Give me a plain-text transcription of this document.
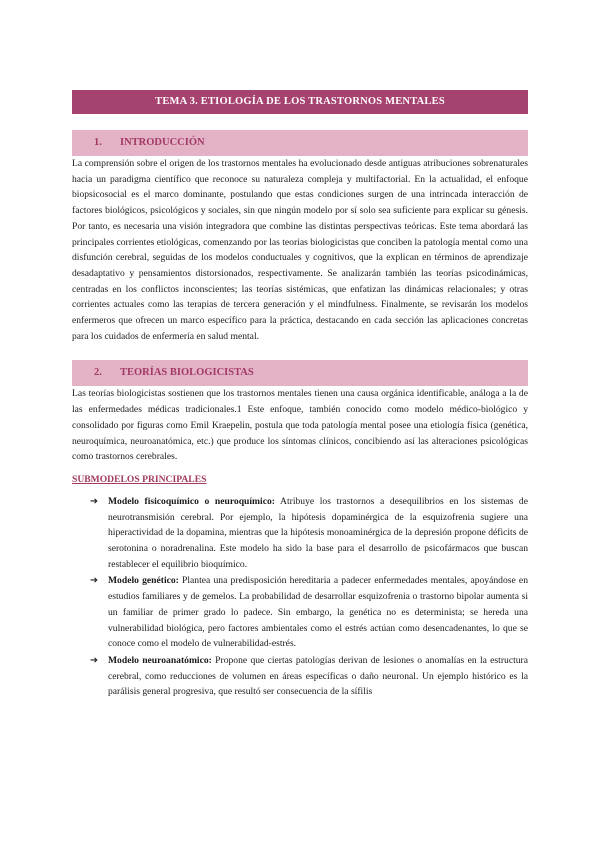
TEMA 3. ETIOLOGÍA DE LOS TRASTORNOS MENTALES
1. INTRODUCCIÓN

La comprensión sobre el origen de los trastornos mentales ha evolucionado desde antiguas atribuciones sobrenaturales hacia un paradigma científico que reconoce su naturaleza compleja y multifactorial. En la actualidad, el enfoque biopsicosocial es el marco dominante, postulando que estas condiciones surgen de una intrincada interacción de factores biológicos, psicológicos y sociales, sin que ningún modelo por sí solo sea suficiente para explicar su génesis. Por tanto, es necesaria una visión integradora que combine las distintas perspectivas teóricas. Este tema abordará las principales corrientes etiológicas, comenzando por las teorías biologicistas que conciben la patología mental como una disfunción cerebral, seguidas de los modelos conductuales y cognitivos, que la explican en términos de aprendizaje desadaptativo y pensamientos distorsionados, respectivamente. Se analizarán también las teorías psicodinámicas, centradas en los conflictos inconscientes; las teorías sistémicas, que enfatizan las dinámicas relacionales; y otras corrientes actuales como las terapias de tercera generación y el mindfulness. Finalmente, se revisarán los modelos enfermeros que ofrecen un marco específico para la práctica, destacando en cada sección las aplicaciones concretas para los cuidados de enfermería en salud mental.

2. TEORÍAS BIOLOGICISTAS

Las teorías biologicistas sostienen que los trastornos mentales tienen una causa orgánica identificable, análoga a la de las enfermedades médicas tradicionales.1 Este enfoque, también conocido como modelo médico-biológico y consolidado por figuras como Emil Kraepelin, postula que toda patología mental posee una etiología física (genética, neuroquímica, neuroanatómica, etc.) que produce los síntomas clínicos, concibiendo así las alteraciones psicológicas como trastornos cerebrales.

SUBMODELOS PRINCIPALES
➔ Modelo fisicoquímico o neuroquímico: Atribuye los trastornos a desequilibrios en los sistemas de neurotransmisión cerebral. Por ejemplo, la hipótesis dopaminérgica de la esquizofrenia sugiere una hiperactividad de la dopamina, mientras que la hipótesis monoaminérgica de la depresión propone déficits de serotonina o noradrenalina. Este modelo ha sido la base para el desarrollo de psicofármacos que buscan restablecer el equilibrio bioquímico.
➔ Modelo genético: Plantea una predisposición hereditaria a padecer enfermedades mentales, apoyándose en estudios familiares y de gemelos. La probabilidad de desarrollar esquizofrenia o trastorno bipolar aumenta si un familiar de primer grado lo padece. Sin embargo, la genética no es determinista; se hereda una vulnerabilidad biológica, pero factores ambientales como el estrés actúan como desencadenantes, lo que se conoce como el modelo de vulnerabilidad-estrés.
➔ Modelo neuroanatómico: Propone que ciertas patologías derivan de lesiones o anomalías en la estructura cerebral, como reducciones de volumen en áreas específicas o daño neuronal. Un ejemplo histórico es la parálisis general progresiva, que resultó ser consecuencia de la sífilis
